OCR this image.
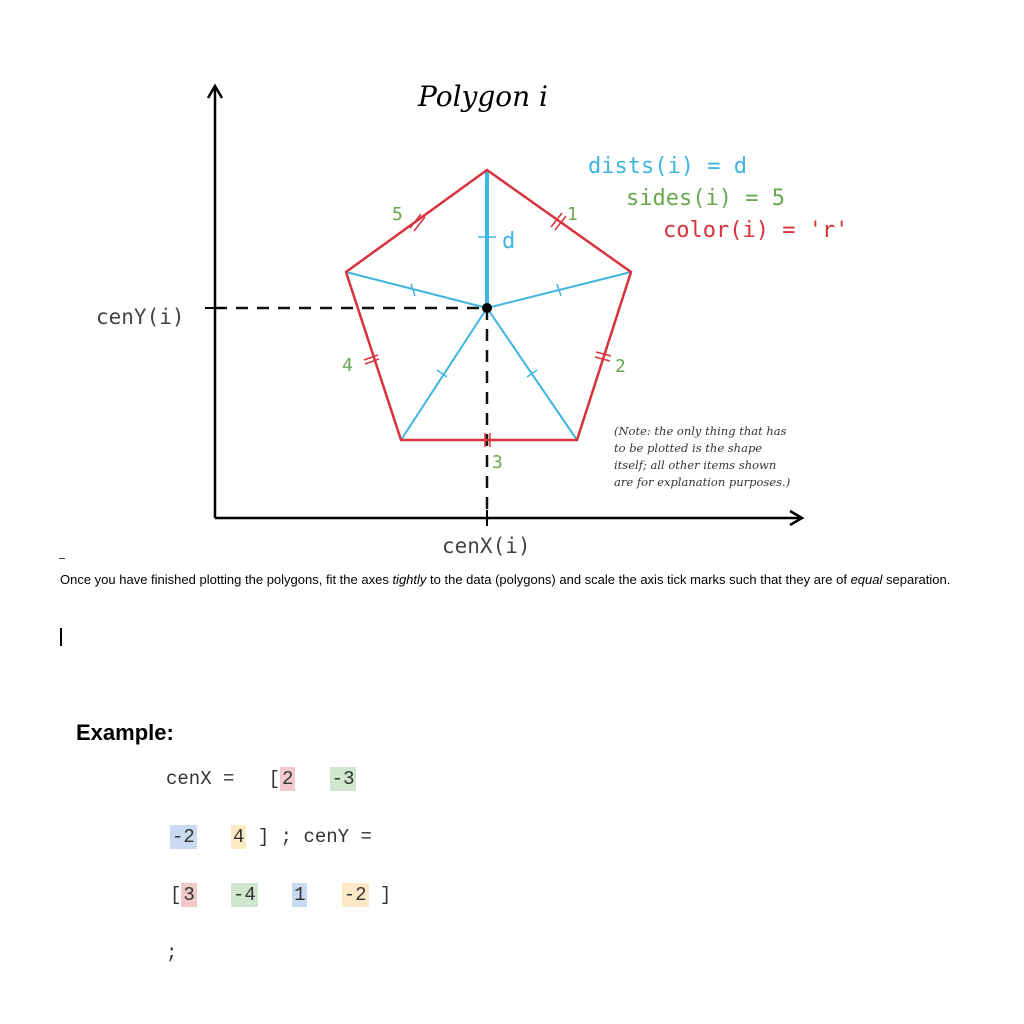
Polygon i
dists(i) = d
sides(i) = 5
color(i) = 'r'
d
cenY(i)
cenX(i)
1
2
3
4
5
(Note: the only thing that has
to be plotted is the shape
itself; all other items shown
are for explanation purposes.)

Once you have finished plotting the polygons, fit the axes tightly to the data (polygons) and scale the axis tick marks such that they are of equal separation.

Example:

cenX = [ 2 -3

-2 4 ] ; cenY =

[ 3 -4 1 -2 ]

;
